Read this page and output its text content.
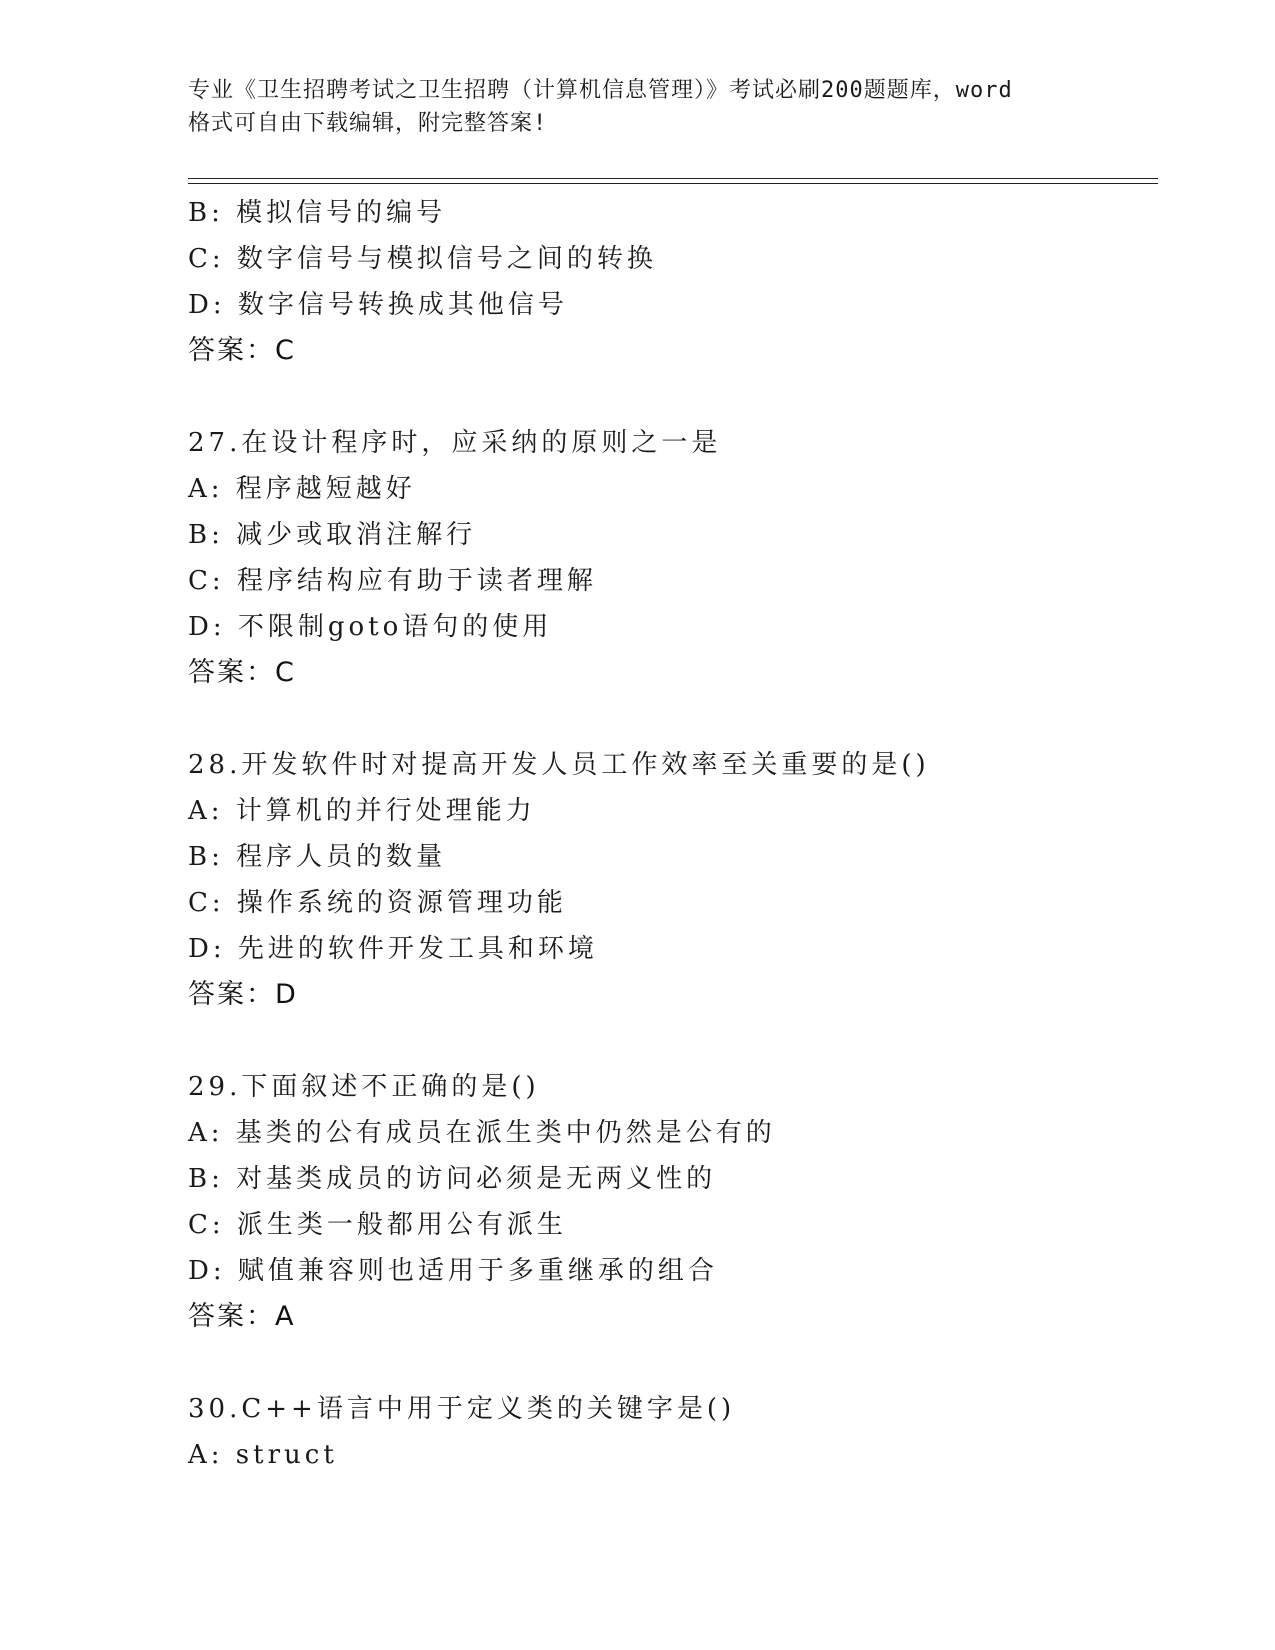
专业《卫生招聘考试之卫生招聘（计算机信息管理）》考试必刷200题题库，word
格式可自由下载编辑，附完整答案!
B: 模拟信号的编号
C: 数字信号与模拟信号之间的转换
D: 数字信号转换成其他信号
答案：C
27.在设计程序时，应采纳的原则之一是
A: 程序越短越好
B: 减少或取消注解行
C: 程序结构应有助于读者理解
D: 不限制goto语句的使用
答案：C
28.开发软件时对提高开发人员工作效率至关重要的是()
A: 计算机的并行处理能力
B: 程序人员的数量
C: 操作系统的资源管理功能
D: 先进的软件开发工具和环境
答案：D
29.下面叙述不正确的是()
A: 基类的公有成员在派生类中仍然是公有的
B: 对基类成员的访问必须是无两义性的
C: 派生类一般都用公有派生
D: 赋值兼容则也适用于多重继承的组合
答案：A
30.C++语言中用于定义类的关键字是()
A: struct
